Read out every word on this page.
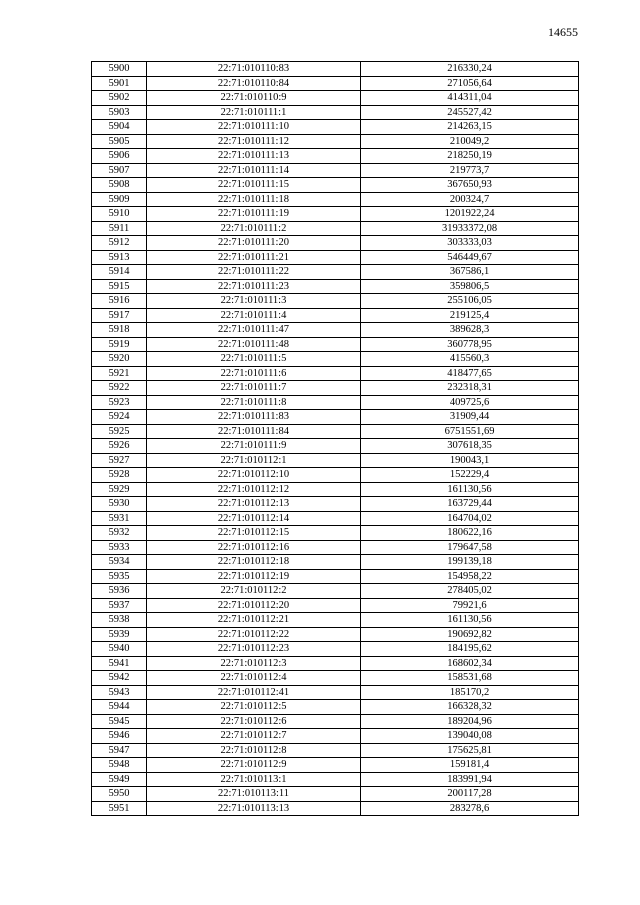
14655
5900	22:71:010110:83	216330,24
5901	22:71:010110:84	271056,64
5902	22:71:010110:9	414311,04
5903	22:71:010111:1	245527,42
5904	22:71:010111:10	214263,15
5905	22:71:010111:12	210049,2
5906	22:71:010111:13	218250,19
5907	22:71:010111:14	219773,7
5908	22:71:010111:15	367650,93
5909	22:71:010111:18	200324,7
5910	22:71:010111:19	1201922,24
5911	22:71:010111:2	31933372,08
5912	22:71:010111:20	303333,03
5913	22:71:010111:21	546449,67
5914	22:71:010111:22	367586,1
5915	22:71:010111:23	359806,5
5916	22:71:010111:3	255106,05
5917	22:71:010111:4	219125,4
5918	22:71:010111:47	389628,3
5919	22:71:010111:48	360778,95
5920	22:71:010111:5	415560,3
5921	22:71:010111:6	418477,65
5922	22:71:010111:7	232318,31
5923	22:71:010111:8	409725,6
5924	22:71:010111:83	31909,44
5925	22:71:010111:84	6751551,69
5926	22:71:010111:9	307618,35
5927	22:71:010112:1	190043,1
5928	22:71:010112:10	152229,4
5929	22:71:010112:12	161130,56
5930	22:71:010112:13	163729,44
5931	22:71:010112:14	164704,02
5932	22:71:010112:15	180622,16
5933	22:71:010112:16	179647,58
5934	22:71:010112:18	199139,18
5935	22:71:010112:19	154958,22
5936	22:71:010112:2	278405,02
5937	22:71:010112:20	79921,6
5938	22:71:010112:21	161130,56
5939	22:71:010112:22	190692,82
5940	22:71:010112:23	184195,62
5941	22:71:010112:3	168602,34
5942	22:71:010112:4	158531,68
5943	22:71:010112:41	185170,2
5944	22:71:010112:5	166328,32
5945	22:71:010112:6	189204,96
5946	22:71:010112:7	139040,08
5947	22:71:010112:8	175625,81
5948	22:71:010112:9	159181,4
5949	22:71:010113:1	183991,94
5950	22:71:010113:11	200117,28
5951	22:71:010113:13	283278,6
